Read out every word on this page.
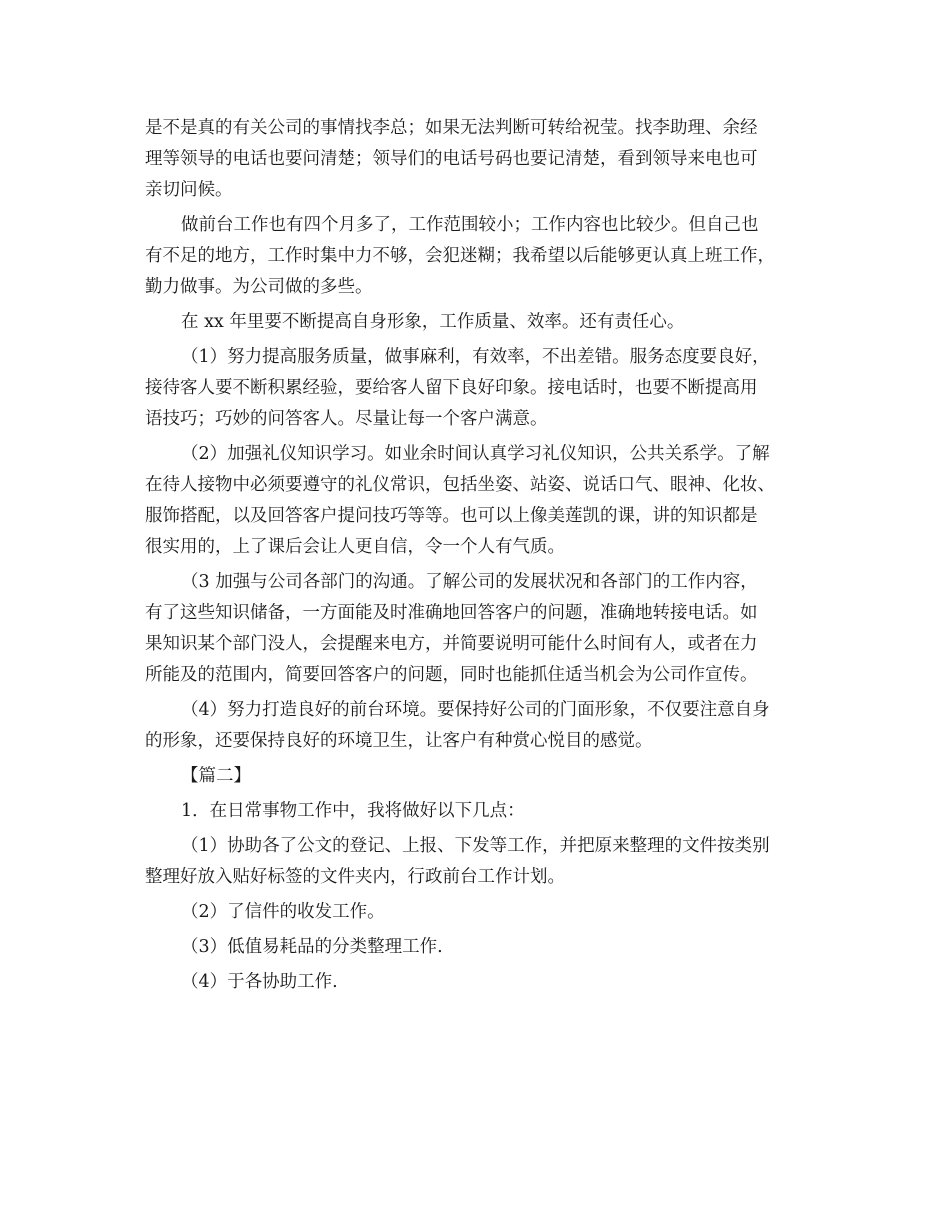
是不是真的有关公司的事情找李总；如果无法判断可转给祝莹。找李助理、余经
理等领导的电话也要问清楚；领导们的电话号码也要记清楚，看到领导来电也可
亲切问候。

做前台工作也有四个月多了，工作范围较小；工作内容也比较少。但自己也
有不足的地方，工作时集中力不够，会犯迷糊；我希望以后能够更认真上班工作，
勤力做事。为公司做的多些。

在 xx 年里要不断提高自身形象，工作质量、效率。还有责任心。

（1）努力提高服务质量，做事麻利，有效率，不出差错。服务态度要良好，
接待客人要不断积累经验，要给客人留下良好印象。接电话时，也要不断提高用
语技巧；巧妙的问答客人。尽量让每一个客户满意。

（2）加强礼仪知识学习。如业余时间认真学习礼仪知识，公共关系学。了解
在待人接物中必须要遵守的礼仪常识，包括坐姿、站姿、说话口气、眼神、化妆、
服饰搭配，以及回答客户提问技巧等等。也可以上像美莲凯的课，讲的知识都是
很实用的，上了课后会让人更自信，令一个人有气质。

（3 加强与公司各部门的沟通。了解公司的发展状况和各部门的工作内容，
有了这些知识储备，一方面能及时准确地回答客户的问题，准确地转接电话。如
果知识某个部门没人，会提醒来电方，并简要说明可能什么时间有人，或者在力
所能及的范围内，简要回答客户的问题，同时也能抓住适当机会为公司作宣传。

（4）努力打造良好的前台环境。要保持好公司的门面形象，不仅要注意自身
的形象，还要保持良好的环境卫生，让客户有种赏心悦目的感觉。

【篇二】

1．在日常事物工作中，我将做好以下几点：

（1）协助各了公文的登记、上报、下发等工作，并把原来整理的文件按类别
整理好放入贴好标签的文件夹内，行政前台工作计划。

（2）了信件的收发工作。

（3）低值易耗品的分类整理工作.

（4）于各协助工作.
